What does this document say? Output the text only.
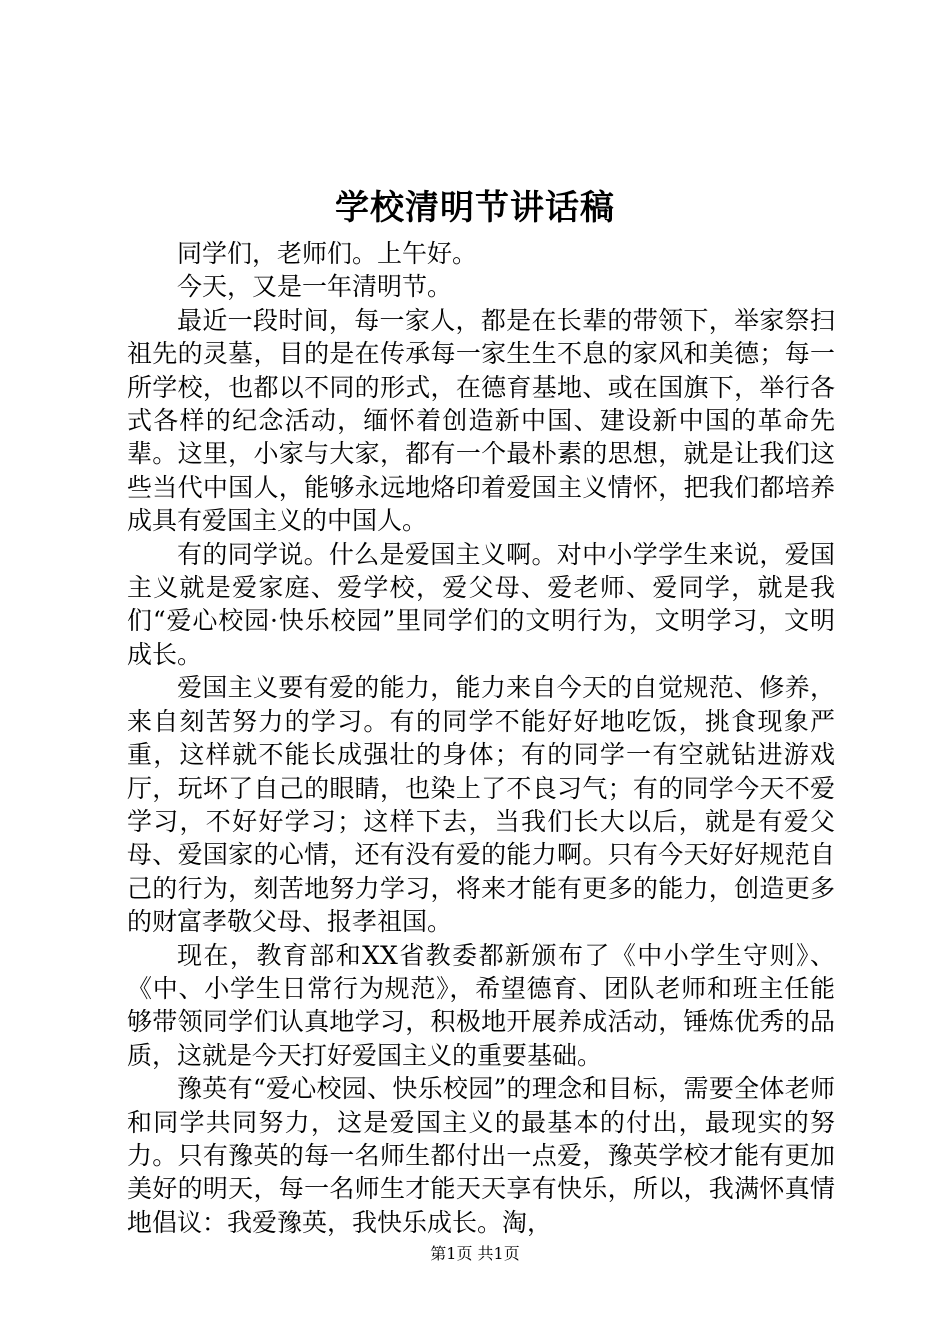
学校清明节讲话稿

同学们，老师们。上午好。

今天，又是一年清明节。

最近一段时间，每一家人，都是在长辈的带领下，举家祭扫祖先的灵墓，目的是在传承每一家生生不息的家风和美德；每一所学校，也都以不同的形式，在德育基地、或在国旗下，举行各式各样的纪念活动，缅怀着创造新中国、建设新中国的革命先辈。这里，小家与大家，都有一个最朴素的思想，就是让我们这些当代中国人，能够永远地烙印着爱国主义情怀，把我们都培养成具有爱国主义的中国人。

有的同学说。什么是爱国主义啊。对中小学学生来说，爱国主义就是爱家庭、爱学校，爱父母、爱老师、爱同学，就是我们“爱心校园·快乐校园”里同学们的文明行为，文明学习，文明成长。

爱国主义要有爱的能力，能力来自今天的自觉规范、修养，来自刻苦努力的学习。有的同学不能好好地吃饭，挑食现象严重，这样就不能长成强壮的身体；有的同学一有空就钻进游戏厅，玩坏了自己的眼睛，也染上了不良习气；有的同学今天不爱学习，不好好学习；这样下去，当我们长大以后，就是有爱父母、爱国家的心情，还有没有爱的能力啊。只有今天好好规范自己的行为，刻苦地努力学习，将来才能有更多的能力，创造更多的财富孝敬父母、报孝祖国。

现在，教育部和XX省教委都新颁布了《中小学生守则》、《中、小学生日常行为规范》，希望德育、团队老师和班主任能够带领同学们认真地学习，积极地开展养成活动，锤炼优秀的品质，这就是今天打好爱国主义的重要基础。

豫英有“爱心校园、快乐校园”的理念和目标，需要全体老师和同学共同努力，这是爱国主义的最基本的付出，最现实的努力。只有豫英的每一名师生都付出一点爱，豫英学校才能有更加美好的明天，每一名师生才能天天享有快乐，所以，我满怀真情地倡议：我爱豫英，我快乐成长。淘，

第1页 共1页
